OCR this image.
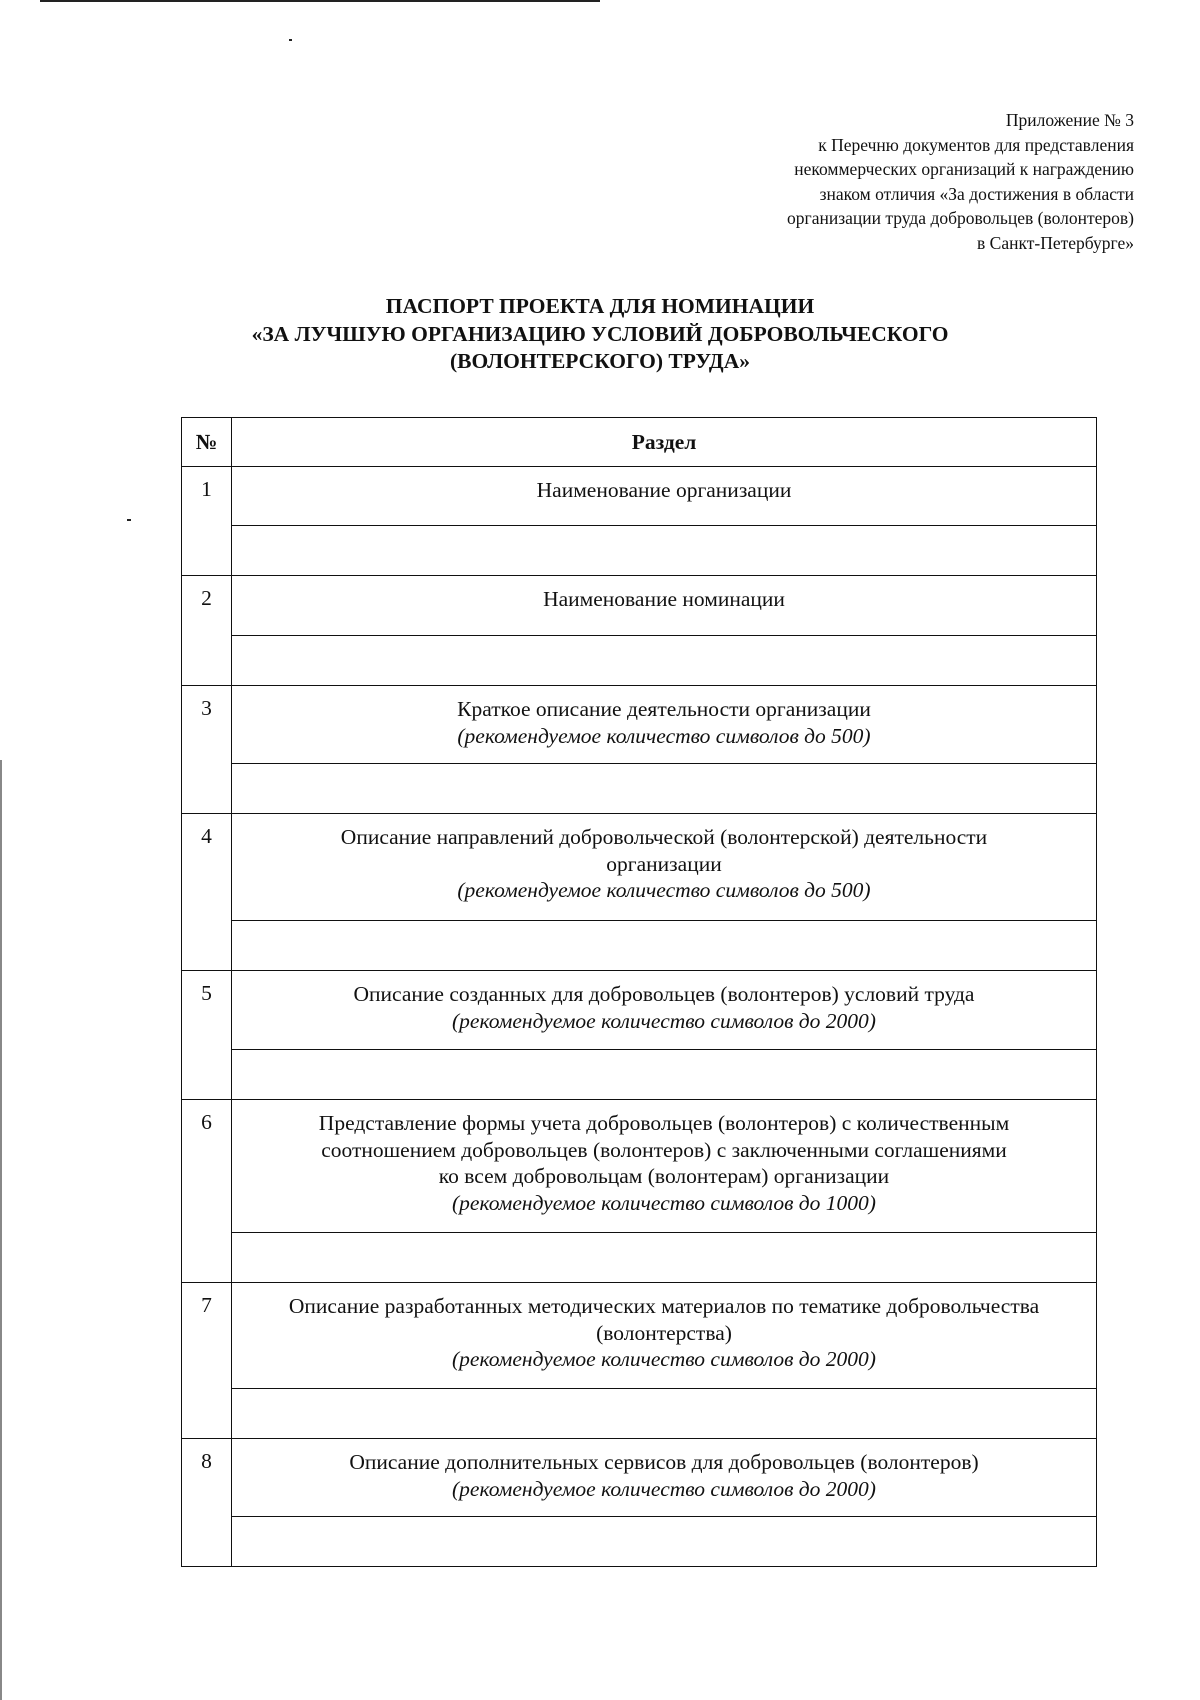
Приложение № 3
к Перечню документов для представления
некоммерческих организаций к награждению
знаком отличия «За достижения в области
организации труда добровольцев (волонтеров)
в Санкт-Петербурге»
ПАСПОРТ ПРОЕКТА ДЛЯ НОМИНАЦИИ
«ЗА ЛУЧШУЮ ОРГАНИЗАЦИЮ УСЛОВИЙ ДОБРОВОЛЬЧЕСКОГО
(ВОЛОНТЕРСКОГО) ТРУДА»
№	Раздел
1	Наименование организации

2	Наименование номинации

3	Краткое описание деятельности организации
(рекомендуемое количество символов до 500)

4	Описание направлений добровольческой (волонтерской) деятельности
организации
(рекомендуемое количество символов до 500)

5	Описание созданных для добровольцев (волонтеров) условий труда
(рекомендуемое количество символов до 2000)

6	Представление формы учета добровольцев (волонтеров) с количественным
соотношением добровольцев (волонтеров) с заключенными соглашениями
ко всем добровольцам (волонтерам) организации
(рекомендуемое количество символов до 1000)

7	Описание разработанных методических материалов по тематике добровольчества
(волонтерства)
(рекомендуемое количество символов до 2000)

8	Описание дополнительных сервисов для добровольцев (волонтеров)
(рекомендуемое количество символов до 2000)
